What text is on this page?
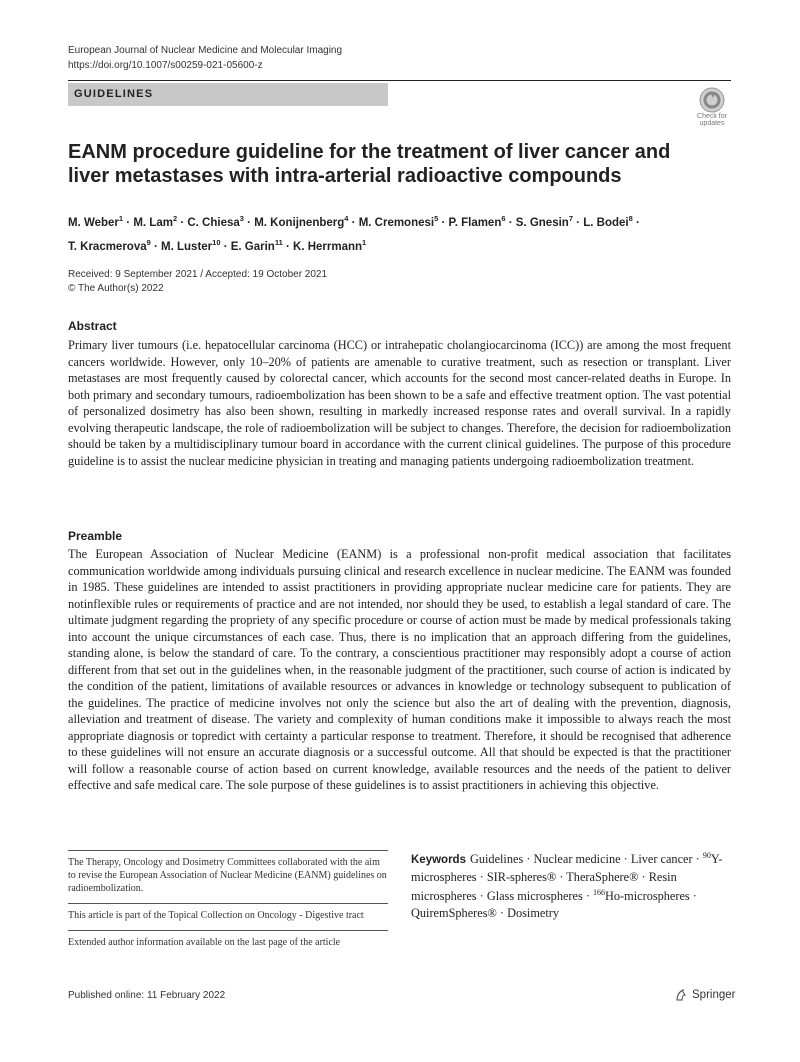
European Journal of Nuclear Medicine and Molecular Imaging
https://doi.org/10.1007/s00259-021-05600-z
GUIDELINES
Check for
updates
EANM procedure guideline for the treatment of liver cancer and liver metastases with intra-arterial radioactive compounds
M. Weber$^1$ · M. Lam$^2$ · C. Chiesa$^3$ · M. Konijnenberg$^4$ · M. Cremonesi$^5$ · P. Flamen$^6$ · S. Gnesin$^7$ · L. Bodei$^8$ ·
T. Kracmerova$^9$ · M. Luster$^{10}$ · E. Garin$^{11}$ · K. Herrmann$^1$
Received: 9 September 2021 / Accepted: 19 October 2021
© The Author(s) 2022
Abstract

Primary liver tumours (i.e. hepatocellular carcinoma (HCC) or intrahepatic cholangiocarcinoma (ICC)) are among the most frequent cancers worldwide. However, only 10–20% of patients are amenable to curative treatment, such as resection or transplant. Liver metastases are most frequently caused by colorectal cancer, which accounts for the second most cancer-related deaths in Europe. In both primary and secondary tumours, radioembolization has been shown to be a safe and effective treatment option. The vast potential of personalized dosimetry has also been shown, resulting in markedly increased response rates and overall survival. In a rapidly evolving therapeutic landscape, the role of radioembolization will be subject to changes. Therefore, the decision for radioembolization should be taken by a multidisciplinary tumour board in accordance with the current clinical guidelines. The purpose of this procedure guideline is to assist the nuclear medicine physician in treating and managing patients undergoing radioembolization treatment.

Preamble

The European Association of Nuclear Medicine (EANM) is a professional non-profit medical association that facilitates communication worldwide among individuals pursuing clinical and research excellence in nuclear medicine. The EANM was founded in 1985. These guidelines are intended to assist practitioners in providing appropriate nuclear medicine care for patients. They are notinflexible rules or requirements of practice and are not intended, nor should they be used, to establish a legal standard of care. The ultimate judgment regarding the propriety of any specific procedure or course of action must be made by medical professionals taking into account the unique circumstances of each case. Thus, there is no implication that an approach differing from the guidelines, standing alone, is below the standard of care. To the contrary, a conscientious practitioner may responsibly adopt a course of action different from that set out in the guidelines when, in the reasonable judgment of the practitioner, such course of action is indicated by the condition of the patient, limitations of available resources or advances in knowledge or technology subsequent to publication of the guidelines. The practice of medicine involves not only the science but also the art of dealing with the prevention, diagnosis, alleviation and treatment of disease. The variety and complexity of human conditions make it impossible to always reach the most appropriate diagnosis or topredict with certainty a particular response to treatment. Therefore, it should be recognised that adherence to these guidelines will not ensure an accurate diagnosis or a successful outcome. All that should be expected is that the practitioner will follow a reasonable course of action based on current knowledge, available resources and the needs of the patient to deliver effective and safe medical care. The sole purpose of these guidelines is to assist practitioners in achieving this objective.

The Therapy, Oncology and Dosimetry Committees collaborated with the aim to revise the European Association of Nuclear Medicine (EANM) guidelines on radioembolization.
This article is part of the Topical Collection on Oncology - Digestive tract
Extended author information available on the last page of the article
Keywords Guidelines · Nuclear medicine · Liver cancer · $^{90}$Y-microspheres · SIR-spheres® · TheraSphere® · Resin microspheres · Glass microspheres · $^{166}$Ho-microspheres · QuiremSpheres® · Dosimetry
Published online: 11 February 2022	Springer
